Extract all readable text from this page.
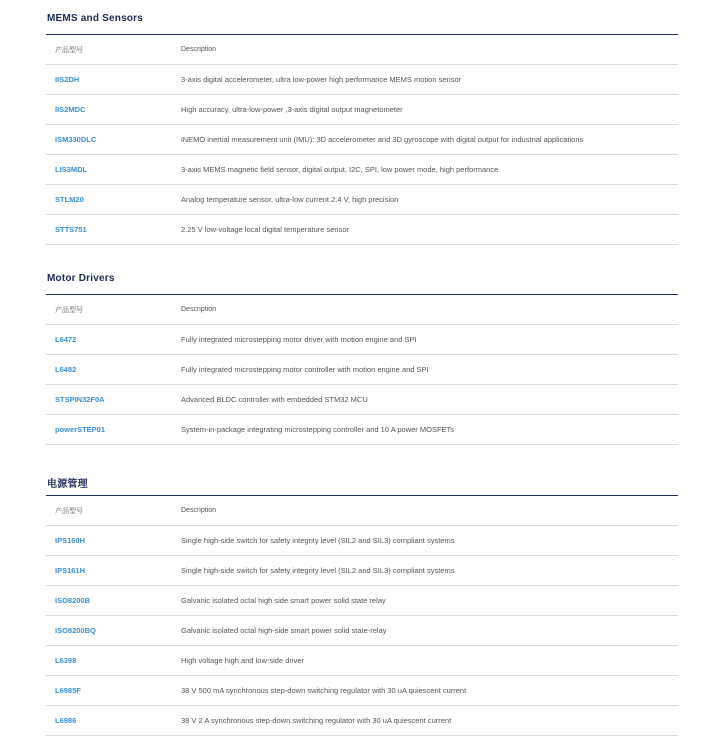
MEMS and Sensors
产品型号	Description
IIS2DH	3-axis digital accelerometer, ultra low-power high performance MEMS motion sensor
IIS2MDC	High accuracy, ultra-low-power ,3-axis digital output magnetometer
ISM330DLC	iNEMO inertial measurement unit (IMU): 3D accelerometer and 3D gyroscope with digital output for industrial applications
LIS3MDL	3-axis MEMS magnetic field sensor, digital output, I2C, SPI, low power mode, high performance
STLM20	Analog temperature sensor, ultra-low current 2.4 V, high precision
STTS751	2.25 V low-voltage local digital temperature sensor
Motor Drivers
产品型号	Description
L6472	Fully integrated microstepping motor driver with motion engine and SPI
L6482	Fully integrated microstepping motor controller with motion engine and SPI
STSPIN32F0A	Advanced BLDC controller with embedded STM32 MCU
powerSTEP01	System-in-package integrating microstepping controller and 10 A power MOSFETs
电源管理
产品型号	Description
IPS160H	Single high-side switch for safety integrity level (SIL2 and SIL3) compliant systems
IPS161H	Single high-side switch for safety integrity level (SIL2 and SIL3) compliant systems
ISO8200B	Galvanic isolated octal high side smart power solid state relay
ISO8200BQ	Galvanic isolated octal high-side smart power solid state-relay
L6398	High voltage high and low-side driver
L6985F	38 V 500 mA synchronous step-down switching regulator with 30 uA quiescent current
L6986	38 V 2 A synchronous step-down switching regulator with 30 uA quiescent current
